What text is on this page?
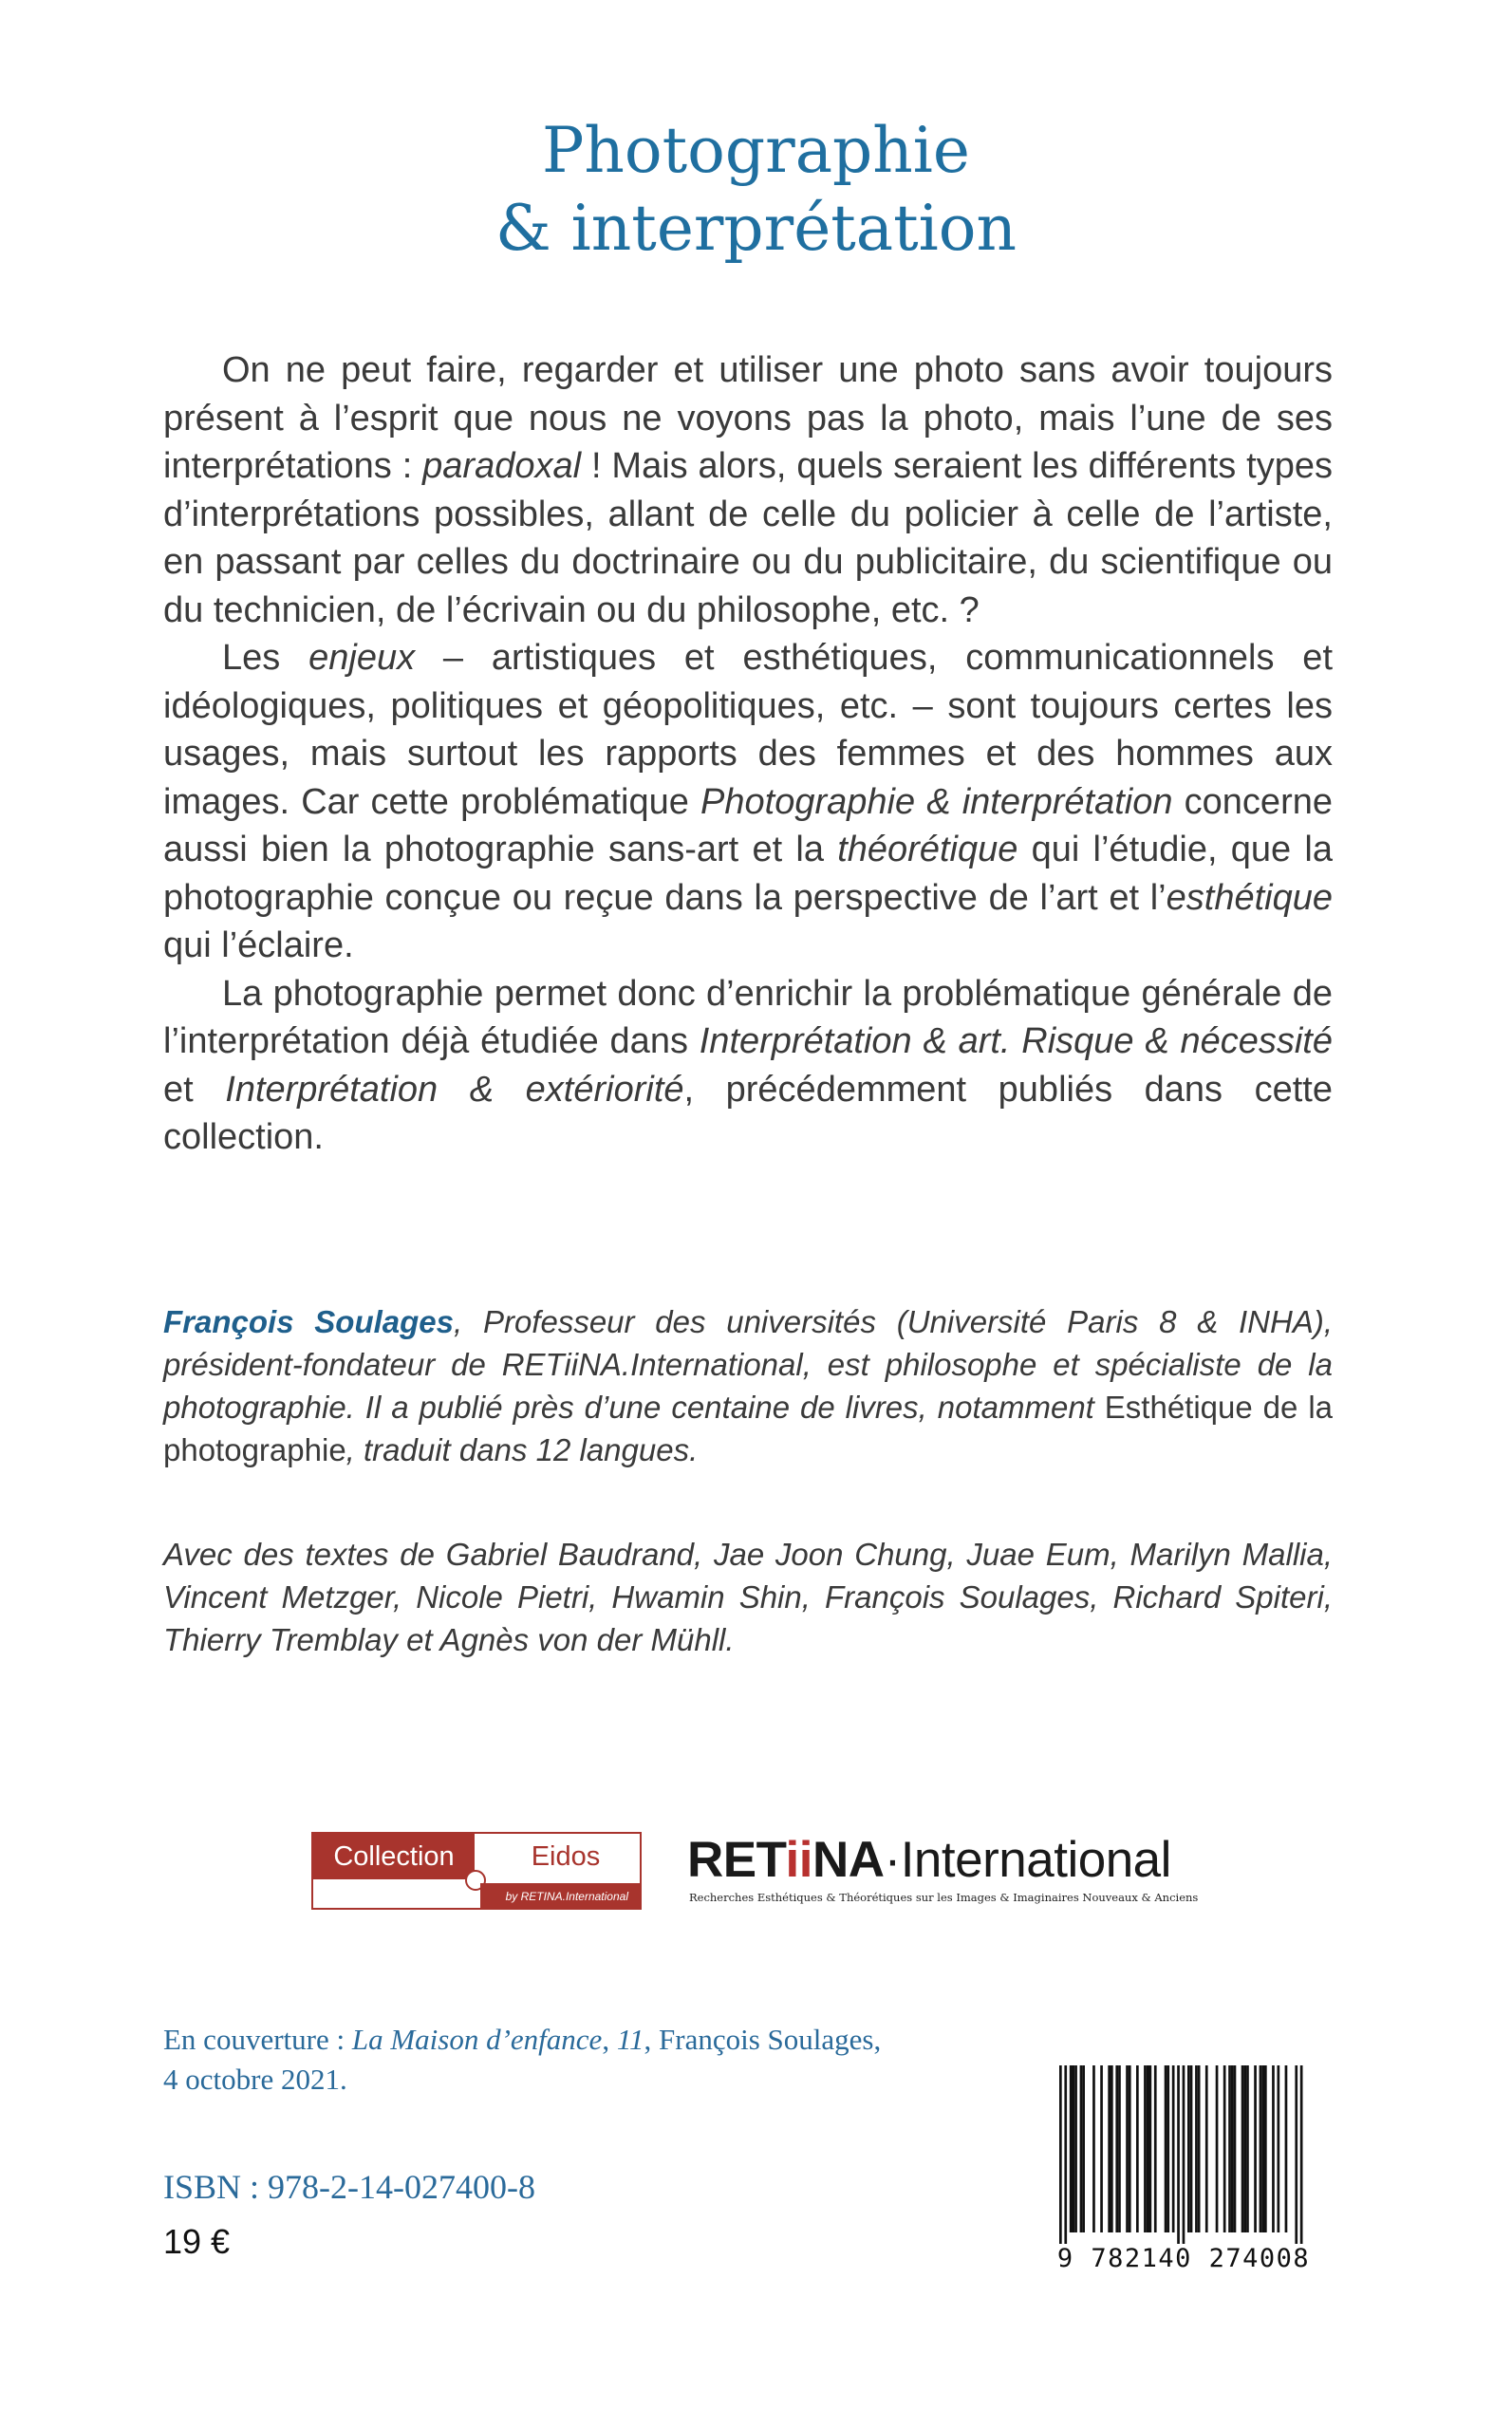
Photographie
& interprétation

On ne peut faire, regarder et utiliser une photo sans avoir toujours présent à l’esprit que nous ne voyons pas la photo, mais l’une de ses interprétations : paradoxal ! Mais alors, quels seraient les différents types d’interprétations possibles, allant de celle du policier à celle de l’artiste, en passant par celles du doctrinaire ou du publicitaire, du scientifique ou du technicien, de l’écrivain ou du philosophe, etc. ?

Les enjeux – artistiques et esthétiques, communicationnels et idéologiques, politiques et géopolitiques, etc. – sont toujours certes les usages, mais surtout les rapports des femmes et des hommes aux images. Car cette problématique Photographie & interprétation concerne aussi bien la photographie sans-art et la théorétique qui l’étudie, que la photographie conçue ou reçue dans la perspective de l’art et l’esthétique qui l’éclaire.

La photographie permet donc d’enrichir la problématique générale de l’interprétation déjà étudiée dans Interprétation & art. Risque & nécessité et Interprétation & extériorité, précédemment publiés dans cette collection.

François Soulages, Professeur des universités (Université Paris 8 & INHA), président-fondateur de RETiiNA.International, est philosophe et spécialiste de la photographie. Il a publié près d’une centaine de livres, notamment Esthétique de la photographie, traduit dans 12 langues.

Avec des textes de Gabriel Baudrand, Jae Joon Chung, Juae Eum, Marilyn Mallia, Vincent Metzger, Nicole Pietri, Hwamin Shin, François Soulages, Richard Spiteri, Thierry Tremblay et Agnès von der Mühll.

Collection	Eidos
by RETINA.International
RETiiNA·International
Recherches Esthétiques & Théorétiques sur les Images & Imaginaires Nouveaux & Anciens

En couverture : La Maison d’enfance, 11, François Soulages, 4 octobre 2021.

ISBN : 978-2-14-027400-8

19 €	9 782140 274008
